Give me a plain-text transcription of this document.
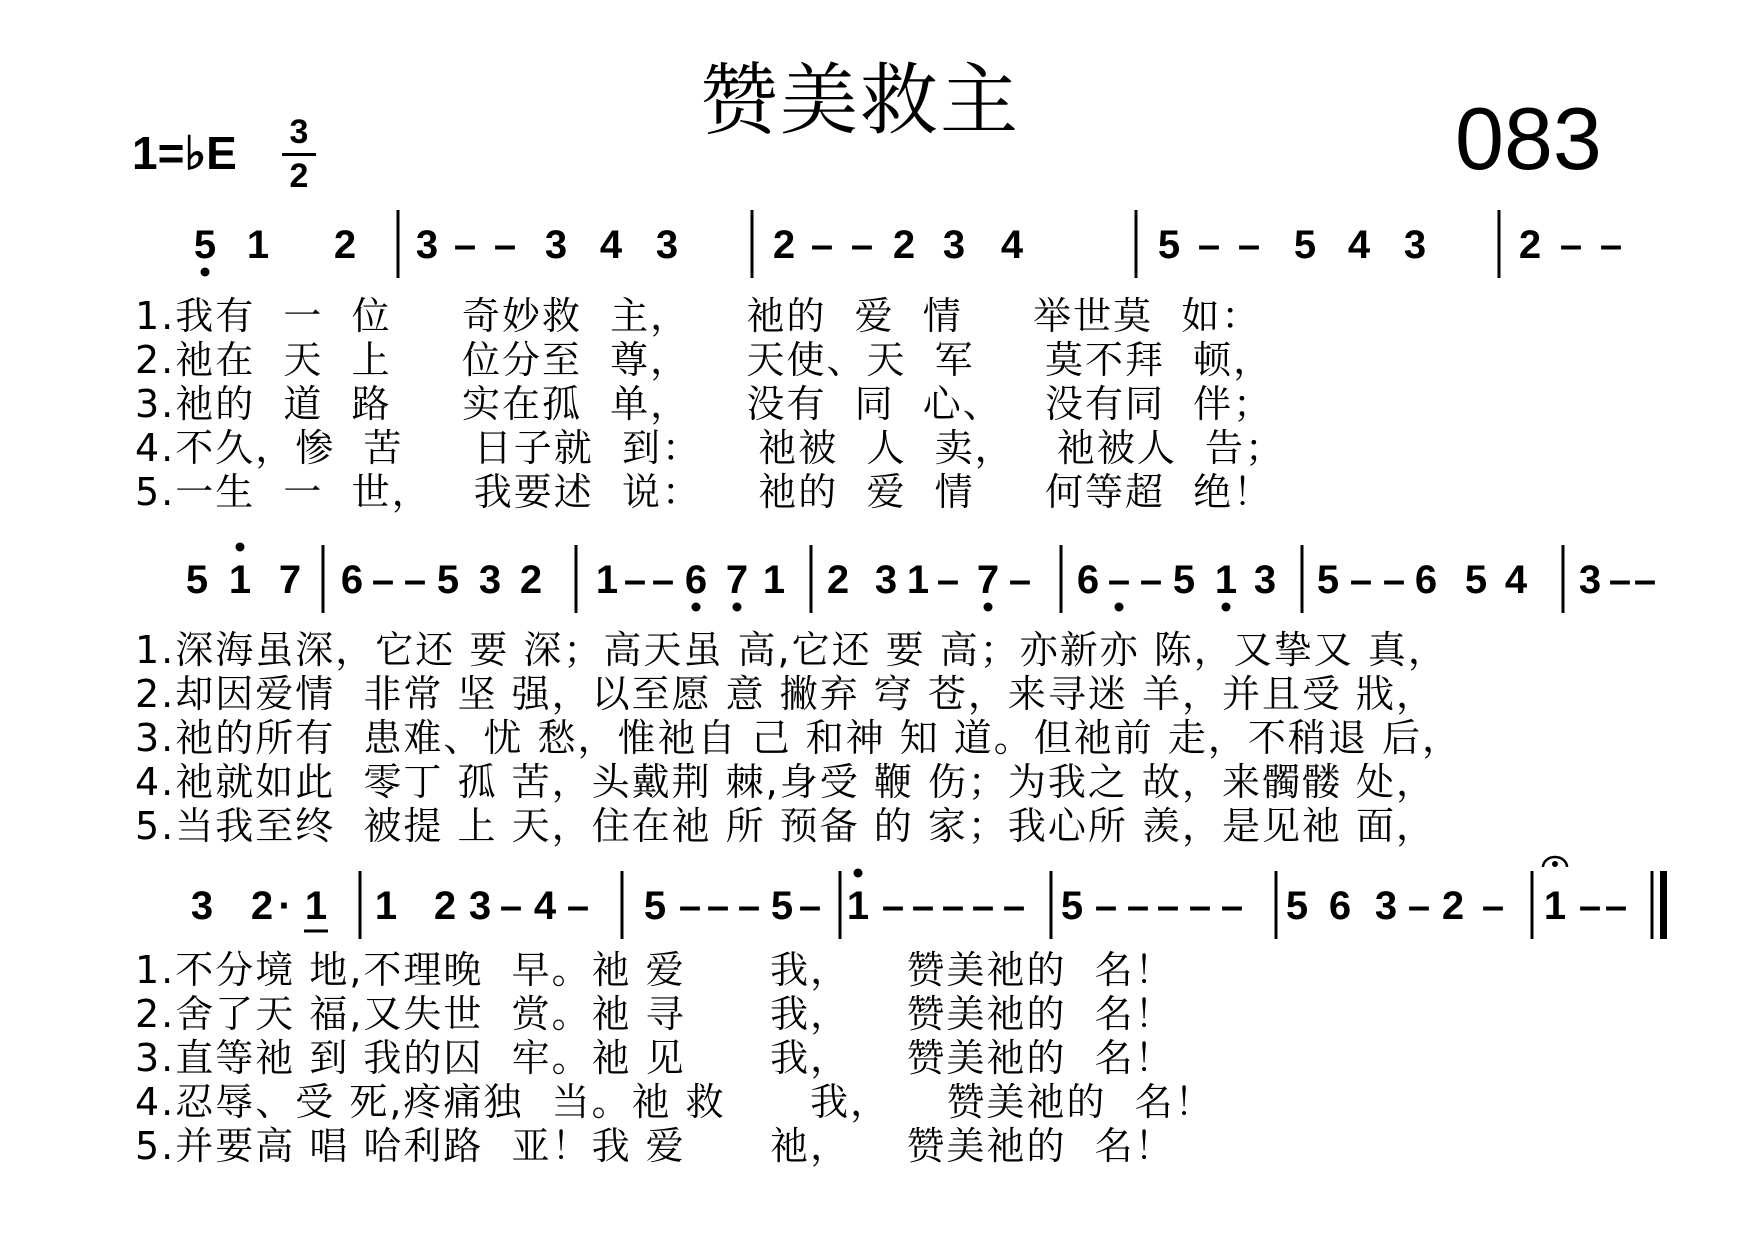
赞美救主	083
1=♭E 3
2
5 1 2 3 – – 3 4 3 2 – – 2 3 4	5 – – 5 4 3 2 – –
5 1 7 6 – – 5 3 2 1 – – 6 7 1 2 3 1 – 7 – 6 – – 5 1 3 5 – – 6 5 4 3 – –
3 2 · 1 1 2 3 – 4 – 5 – – – 5 – 1 – – – – – 5 – – – – – 5 6 3 – 2 – 1 – –
1.我有  一  位     奇妙救  主，    祂的  爱  情     举世莫  如：
2.祂在  天  上     位分至  尊，    天使、天  军     莫不拜  顿，
3.祂的  道  路     实在孤  单，    没有  同  心、   没有同  伴；
4.不久，惨  苦     日子就  到：    祂被  人  卖，   祂被人  告；
5.一生  一  世，   我要述  说：    祂的  爱  情     何等超  绝！
1.深海虽深，它还 要 深；高天虽 高,它还 要 高；亦新亦 陈，又挚又 真，
2.却因爱情  非常 坚 强，以至愿 意 撇弃 穹 苍，来寻迷 羊，并且受 戕，
3.祂的所有  患难、忧 愁，惟祂自 己 和神 知 道。但祂前 走，不稍退 后，
4.祂就如此  零丁 孤 苦，头戴荆 棘,身受 鞭 伤；为我之 故，来髑髅 处，
5.当我至终  被提 上 天，住在祂 所 预备 的 家；我心所 羡，是见祂 面，
1.不分境 地,不理晚  早。祂 爱      我，    赞美祂的  名！
2.舍了天 福,又失世  赏。祂 寻      我，    赞美祂的  名！
3.直等祂 到 我的囚  牢。祂 见      我，    赞美祂的  名！
4.忍辱、受 死,疼痛独  当。祂 救      我，    赞美祂的  名！
5.并要高 唱 哈利路  亚！我 爱      祂，    赞美祂的  名！
